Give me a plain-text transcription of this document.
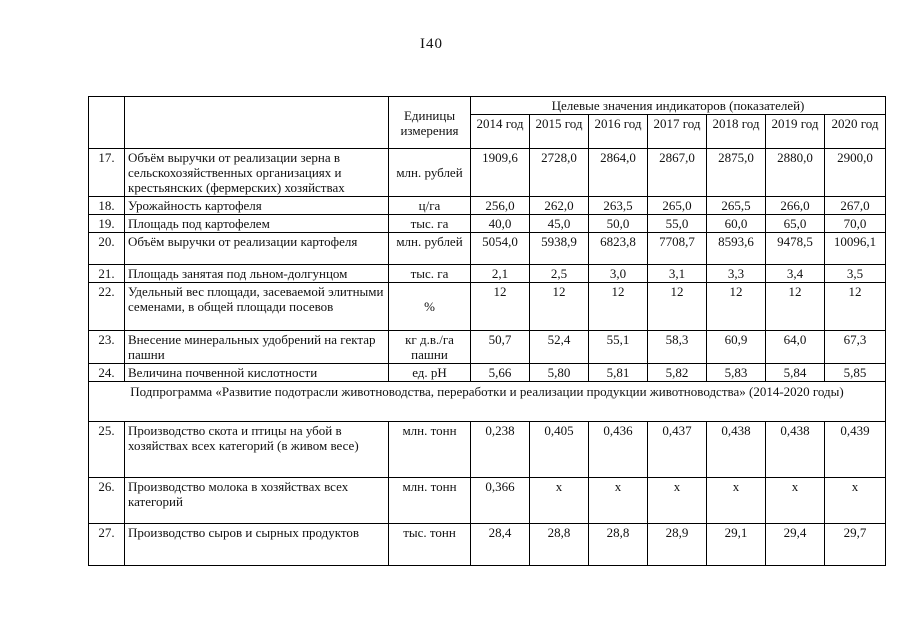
I40
		Единицы измерения	Целевые значения индикаторов (показателей)						
			2014 год	2015 год	2016 год	2017 год	2018 год	2019 год	2020 год
17.	Объём выручки от реализации зерна в сельскохозяйственных организациях и крестьянских (фермерских) хозяйствах	млн. рублей	1909,6	2728,0	2864,0	2867,0	2875,0	2880,0	2900,0
18.	Урожайность картофеля	ц/га	256,0	262,0	263,5	265,0	265,5	266,0	267,0
19.	Площадь под картофелем	тыс. га	40,0	45,0	50,0	55,0	60,0	65,0	70,0
20.	Объём выручки от реализации картофеля	млн. рублей	5054,0	5938,9	6823,8	7708,7	8593,6	9478,5	10096,1
21.	Площадь занятая под льном-долгунцом	тыс. га	2,1	2,5	3,0	3,1	3,3	3,4	3,5
22.	Удельный вес площади, засеваемой элитными семенами, в общей площади посевов	%	12	12	12	12	12	12	12
23.	Внесение минеральных удобрений на гектар пашни	кг д.в./га пашни	50,7	52,4	55,1	58,3	60,9	64,0	67,3
24.	Величина почвенной кислотности	ед. pH	5,66	5,80	5,81	5,82	5,83	5,84	5,85
Подпрограмма «Развитие подотрасли животноводства, переработки и реализации продукции животноводства» (2014-2020 годы)									
25.	Производство скота и птицы на убой в хозяйствах всех категорий (в живом весе)	млн. тонн	0,238	0,405	0,436	0,437	0,438	0,438	0,439
26.	Производство молока в хозяйствах всех категорий	млн. тонн	0,366	х	х	х	х	х	х
27.	Производство сыров и сырных продуктов	тыс. тонн	28,4	28,8	28,8	28,9	29,1	29,4	29,7
